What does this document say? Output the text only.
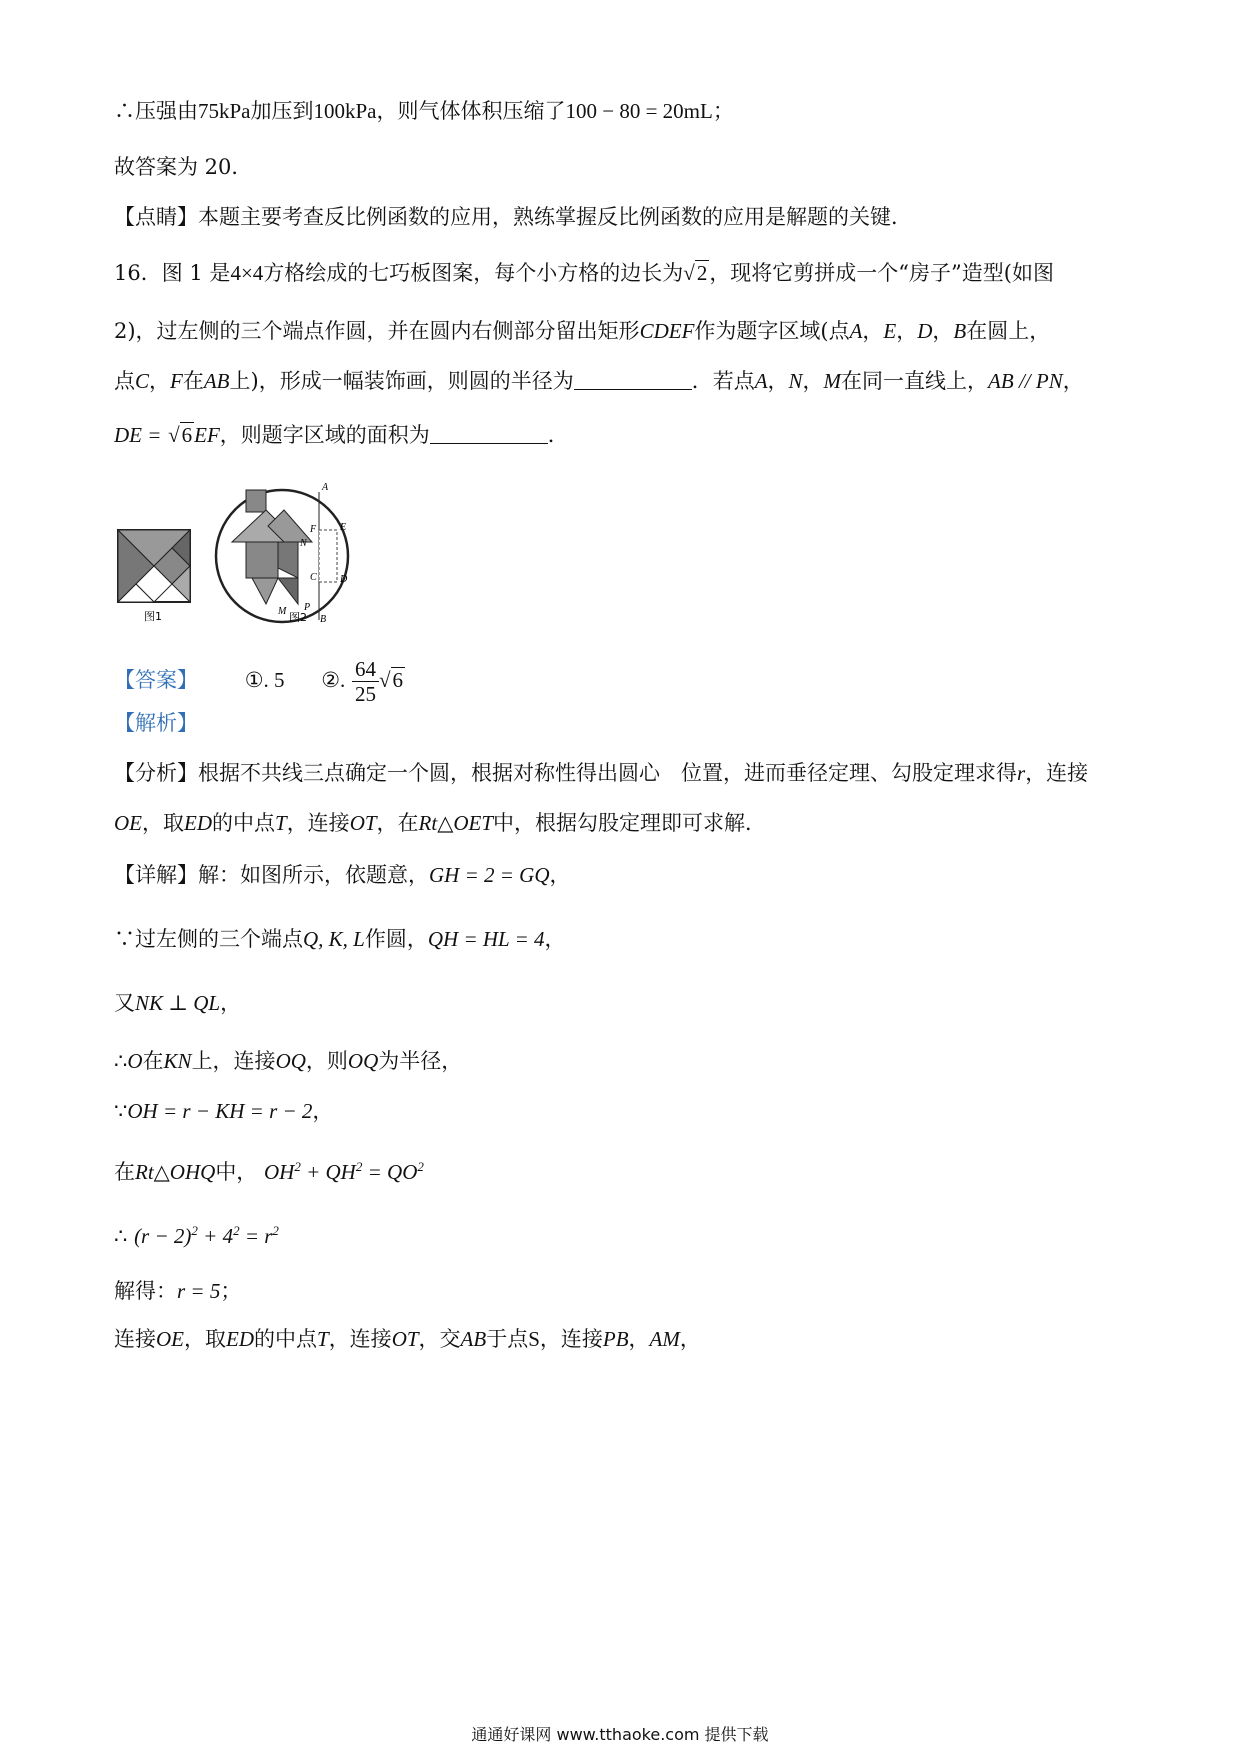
∴压强由75kPa加压到100kPa，则气体体积压缩了100 − 80 = 20mL；
故答案为 20．
【点睛】本题主要考查反比例函数的应用，熟练掌握反比例函数的应用是解题的关键．
16．图 1 是4×4方格绘成的七巧板图案，每个小方格的边长为√2，现将它剪拼成一个“房子”造型(如图
2)，过左侧的三个端点作圆，并在圆内右侧部分留出矩形CDEF作为题字区域(点A，E，D，B在圆上，
点C，F在AB上)，形成一幅装饰画，则圆的半径为	．若点A，N，M在同一直线上，AB // PN，
DE = √6EF，则题字区域的面积为	．
图1
A
E
F
N
C D
M P
B
图2
【答案】 ①. 5 ②. $\frac{64}{25} √6$
【解析】
【分析】根据不共线三点确定一个圆，根据对称性得出圆心　位置，进而垂径定理、勾股定理求得r，连接
OE，取ED的中点T，连接OT，在Rt△OET中，根据勾股定理即可求解．
【详解】解：如图所示，依题意，GH = 2 = GQ，
∵过左侧的三个端点Q, K, L作圆，QH = HL = 4，
又NK ⊥ QL，
∴O在KN上，连接OQ，则OQ为半径，
∵OH = r − KH = r − 2，
在Rt△OHQ中， $OH^2 + QH^2 = QO^2$
∴ $(r - 2)^2 + 4^2 = r^2$
解得：r = 5；
连接OE，取ED的中点T，连接OT，交AB于点S，连接PB，AM，
通通好课网 www.tthaoke.com 提供下载
